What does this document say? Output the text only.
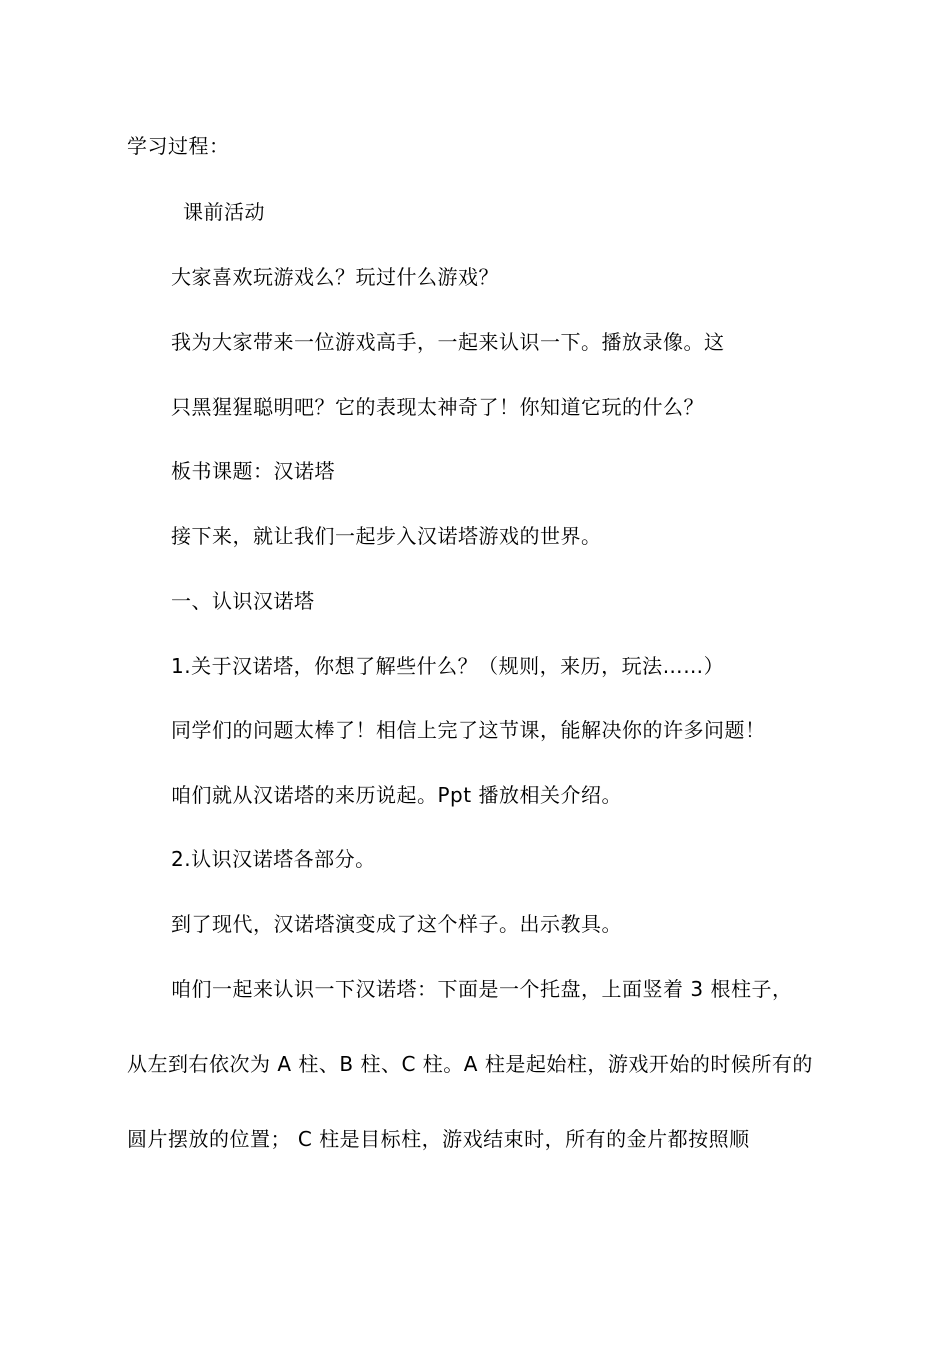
学习过程：
课前活动
大家喜欢玩游戏么？玩过什么游戏？
我为大家带来一位游戏高手，一起来认识一下。播放录像。这
只黑猩猩聪明吧？它的表现太神奇了！你知道它玩的什么？
板书课题：汉诺塔
接下来，就让我们一起步入汉诺塔游戏的世界。
一、认识汉诺塔
1.关于汉诺塔，你想了解些什么？（规则，来历，玩法……）
同学们的问题太棒了！相信上完了这节课，能解决你的许多问题！
咱们就从汉诺塔的来历说起。Ppt 播放相关介绍。
2.认识汉诺塔各部分。
到了现代，汉诺塔演变成了这个样子。出示教具。
咱们一起来认识一下汉诺塔：下面是一个托盘，上面竖着 3 根柱子，
从左到右依次为 A 柱、B 柱、C 柱。A 柱是起始柱，游戏开始的时候所有的
圆片摆放的位置； C 柱是目标柱，游戏结束时，所有的金片都按照顺
